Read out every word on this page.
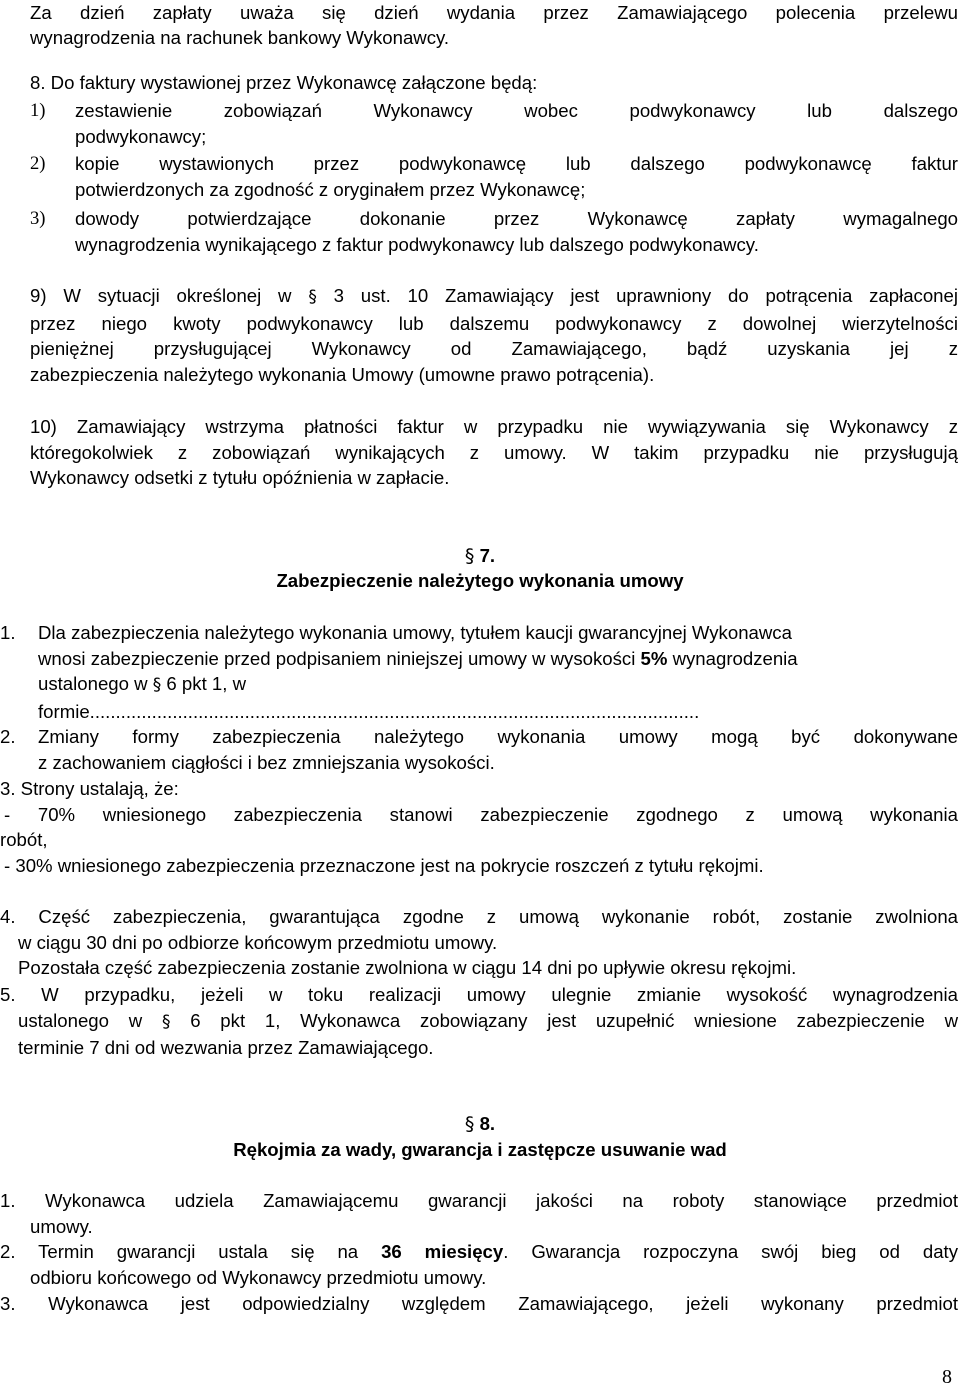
Za dzień zapłaty uważa się dzień wydania przez Zamawiającego polecenia przelewu
wynagrodzenia na rachunek bankowy Wykonawcy.
8. Do faktury wystawionej przez Wykonawcę załączone będą:
1) zestawienie zobowiązań Wykonawcy wobec podwykonawcy lub dalszego
podwykonawcy;
2) kopie wystawionych przez podwykonawcę lub dalszego podwykonawcę faktur
potwierdzonych za zgodność z oryginałem przez Wykonawcę;
3) dowody potwierdzające dokonanie przez Wykonawcę zapłaty wymagalnego
wynagrodzenia wynikającego z faktur podwykonawcy lub dalszego podwykonawcy.
9) W sytuacji określonej w § 3 ust. 10 Zamawiający jest uprawniony do potrącenia zapłaconej
przez niego kwoty podwykonawcy lub dalszemu podwykonawcy z dowolnej wierzytelności
pieniężnej przysługującej Wykonawcy od Zamawiającego, bądź uzyskania jej z
zabezpieczenia należytego wykonania Umowy (umowne prawo potrącenia).
10) Zamawiający wstrzyma płatności faktur w przypadku nie wywiązywania się Wykonawcy z
któregokolwiek z zobowiązań wynikających z umowy. W takim przypadku nie przysługują
Wykonawcy odsetki z tytułu opóźnienia w zapłacie.
§ 7.
Zabezpieczenie należytego wykonania umowy
1. Dla zabezpieczenia należytego wykonania umowy, tytułem kaucji gwarancyjnej Wykonawca
wnosi zabezpieczenie przed podpisaniem niniejszej umowy w wysokości 5% wynagrodzenia
ustalonego w § 6 pkt 1, w
formie......................................................................................................................
2. Zmiany formy zabezpieczenia należytego wykonania umowy mogą być dokonywane
z zachowaniem ciągłości i bez zmniejszania wysokości.
3. Strony ustalają, że:
- 70% wniesionego zabezpieczenia stanowi zabezpieczenie zgodnego z umową wykonania
robót,
- 30% wniesionego zabezpieczenia przeznaczone jest na pokrycie roszczeń z tytułu rękojmi.
4. Część zabezpieczenia, gwarantująca zgodne z umową wykonanie robót, zostanie zwolniona
w ciągu 30 dni po odbiorze końcowym przedmiotu umowy.
Pozostała część zabezpieczenia zostanie zwolniona w ciągu 14 dni po upływie okresu rękojmi.
5. W przypadku, jeżeli w toku realizacji umowy ulegnie zmianie wysokość wynagrodzenia
ustalonego w § 6 pkt 1, Wykonawca zobowiązany jest uzupełnić wniesione zabezpieczenie w
terminie 7 dni od wezwania przez Zamawiającego.
§ 8.
Rękojmia za wady, gwarancja i zastępcze usuwanie wad
1. Wykonawca udziela Zamawiającemu gwarancji jakości na roboty stanowiące przedmiot
umowy.
2. Termin gwarancji ustala się na 36 miesięcy. Gwarancja rozpoczyna swój bieg od daty
odbioru końcowego od Wykonawcy przedmiotu umowy.
3. Wykonawca jest odpowiedzialny względem Zamawiającego, jeżeli wykonany przedmiot
8
